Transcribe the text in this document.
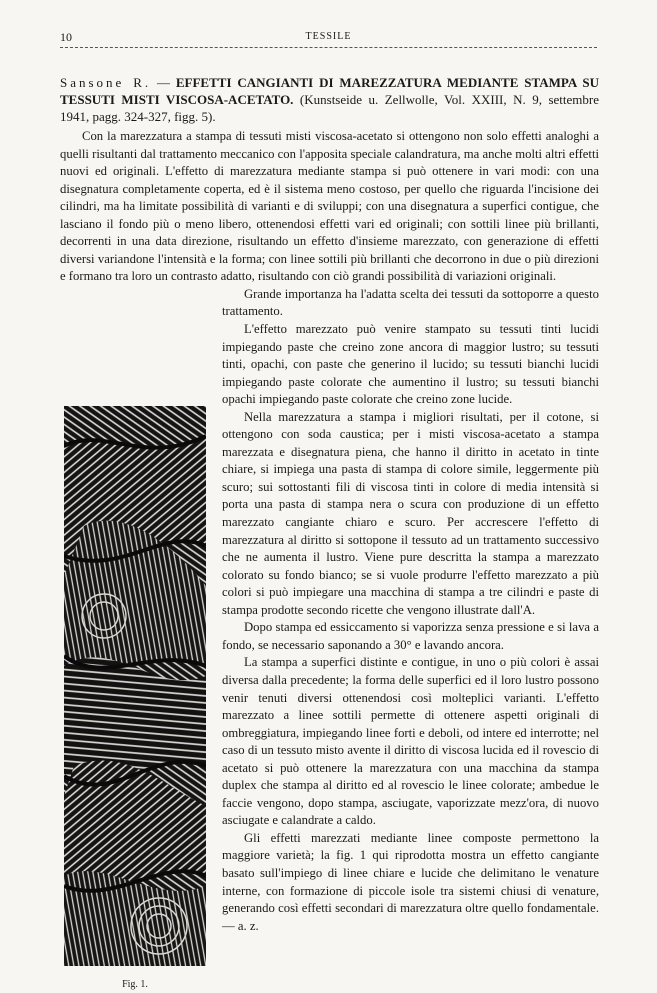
10	TESSILE
Sansone R. — EFFETTI CANGIANTI DI MAREZZATURA MEDIANTE STAMPA SU TESSUTI MISTI VISCOSA-ACETATO. (Kunstseide u. Zellwolle, Vol. XXIII, N. 9, settembre 1941, pagg. 324-327, figg. 5).

Con la marezzatura a stampa di tessuti misti viscosa-acetato si ottengono non solo effetti analoghi a quelli risultanti dal trattamento meccanico con l'apposita speciale calandratura, ma anche molti altri effetti nuovi ed originali. L'effetto di marezzatura mediante stampa si può ottenere in vari modi: con una disegnatura completamente coperta, ed è il sistema meno costoso, per quello che riguarda l'incisione dei cilindri, ma ha limitate possibilità di varianti e di sviluppi; con una disegnatura a superfici contigue, che lasciano il fondo più o meno libero, ottenendosi effetti vari ed originali; con sottili linee più brillanti, decorrenti in una data direzione, risultando un effetto d'insieme marezzato, con generazione di effetti diversi variandone l'intensità e la forma; con linee sottili più brillanti che decorrono in due o più direzioni e formano tra loro un contrasto adatto, risultando con ciò grandi possibilità di variazioni originali.

Fig. 1.

Grande importanza ha l'adatta scelta dei tessuti da sottoporre a questo trattamento.

L'effetto marezzato può venire stampato su tessuti tinti lucidi impiegando paste che creino zone ancora di maggior lustro; su tessuti tinti, opachi, con paste che generino il lucido; su tessuti bianchi lucidi impiegando paste colorate che aumentino il lustro; su tessuti bianchi opachi impiegando paste colorate che creino zone lucide.

Nella marezzatura a stampa i migliori risultati, per il cotone, si ottengono con soda caustica; per i misti viscosa-acetato a stampa marezzata e disegnatura piena, che hanno il diritto in acetato in tinte chiare, si impiega una pasta di stampa di colore simile, leggermente più scuro; sui sottostanti fili di viscosa tinti in colore di media intensità si porta una pasta di stampa nera o scura con produzione di un effetto marezzato cangiante chiaro e scuro. Per accrescere l'effetto di marezzatura al diritto si sottopone il tessuto ad un trattamento successivo che ne aumenta il lustro. Viene pure descritta la stampa a marezzato colorato su fondo bianco; se si vuole produrre l'effetto marezzato a più colori si può impiegare una macchina di stampa a tre cilindri e paste di stampa prodotte secondo ricette che vengono illustrate dall'A.

Dopo stampa ed essiccamento si vaporizza senza pressione e si lava a fondo, se necessario saponando a 30° e lavando ancora.

La stampa a superfici distinte e contigue, in uno o più colori è assai diversa dalla precedente; la forma delle superfici ed il loro lustro possono venir tenuti diversi ottenendosi così molteplici varianti. L'effetto marezzato a linee sottili permette di ottenere aspetti originali di ombreggiatura, impiegando linee forti e deboli, od intere ed interrotte; nel caso di un tessuto misto avente il diritto di viscosa lucida ed il rovescio di acetato si può ottenere la marezzatura con una macchina da stampa duplex che stampa al diritto ed al rovescio le linee colorate; ambedue le faccie vengono, dopo stampa, asciugate, vaporizzate mezz'ora, di nuovo asciugate e calandrate a caldo.

Gli effetti marezzati mediante linee composte permettono la maggiore varietà; la fig. 1 qui riprodotta mostra un effetto cangiante basato sull'impiego di linee chiare e lucide che delimitano le venature interne, con formazione di piccole isole tra sistemi chiusi di venature, generando così effetti secondari di marezzatura oltre quello fondamentale. — a. z.
